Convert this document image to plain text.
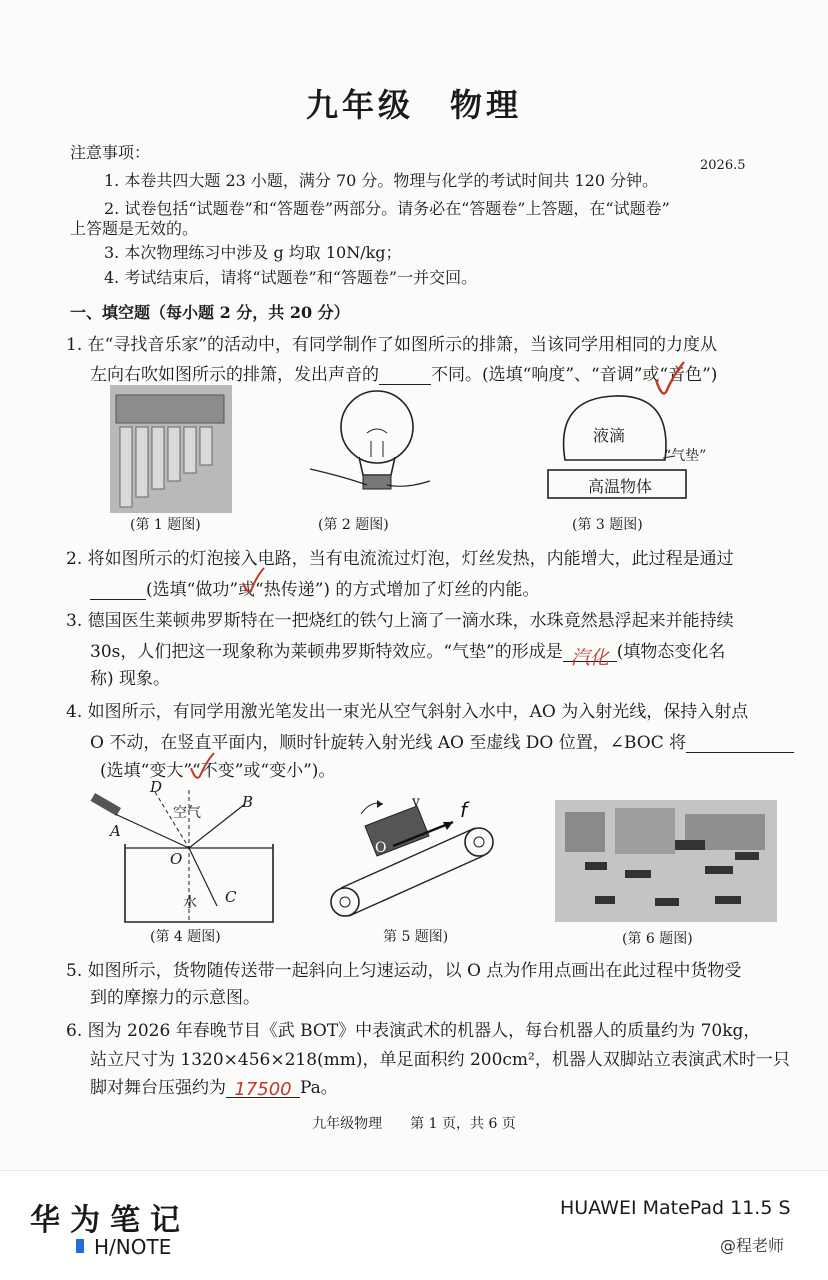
九年级　物理
2026.5
注意事项：
1. 本卷共四大题 23 小题，满分 70 分。物理与化学的考试时间共 120 分钟。
2. 试卷包括“试题卷”和“答题卷”两部分。请务必在“答题卷”上答题，在“试题卷”
上答题是无效的。
3. 本次物理练习中涉及 g 均取 10N/kg；
4. 考试结束后，请将“试题卷”和“答题卷”一并交回。
一、填空题（每小题 2 分，共 20 分）
1. 在“寻找音乐家”的活动中，有同学制作了如图所示的排箫，当该同学用相同的力度从
左向右吹如图所示的排箫，发出声音的	不同。(选填“响度”、“音调”或“音色”)
(第 1 题图)	(第 2 题图)
液滴
“气垫”
高温物体
(第 3 题图)
2. 将如图所示的灯泡接入电路，当有电流流过灯泡，灯丝发热，内能增大，此过程是通过
(选填“做功”或“热传递”) 的方式增加了灯丝的内能。
3. 德国医生莱顿弗罗斯特在一把烧红的铁勺上滴了一滴水珠，水珠竟然悬浮起来并能持续
30s，人们把这一现象称为莱顿弗罗斯特效应。“气垫”的形成是 汽化 (填物态变化名
称) 现象。
4. 如图所示，有同学用激光笔发出一束光从空气斜射入水中，AO 为入射光线，保持入射点
O 不动，在竖直平面内，顺时针旋转入射光线 AO 至虚线 DO 位置，∠BOC 将
(选填“变大”“不变”或“变小”)。
D
空气
B
A
O
C
水
(第 4 题图)
v f
O
第 5 题图)	(第 6 题图)
5. 如图所示，货物随传送带一起斜向上匀速运动，以 O 点为作用点画出在此过程中货物受
到的摩擦力的示意图。
6. 图为 2026 年春晚节目《武 BOT》中表演武术的机器人，每台机器人的质量约为 70kg，
站立尺寸为 1320×456×218(mm)，单足面积约 200cm²，机器人双脚站立表演武术时一只
脚对舞台压强约为 17500 Pa。
九年级物理　　第 1 页，共 6 页
华为笔记
H/NOTE
HUAWEI MatePad 11.5 S
@程老师
